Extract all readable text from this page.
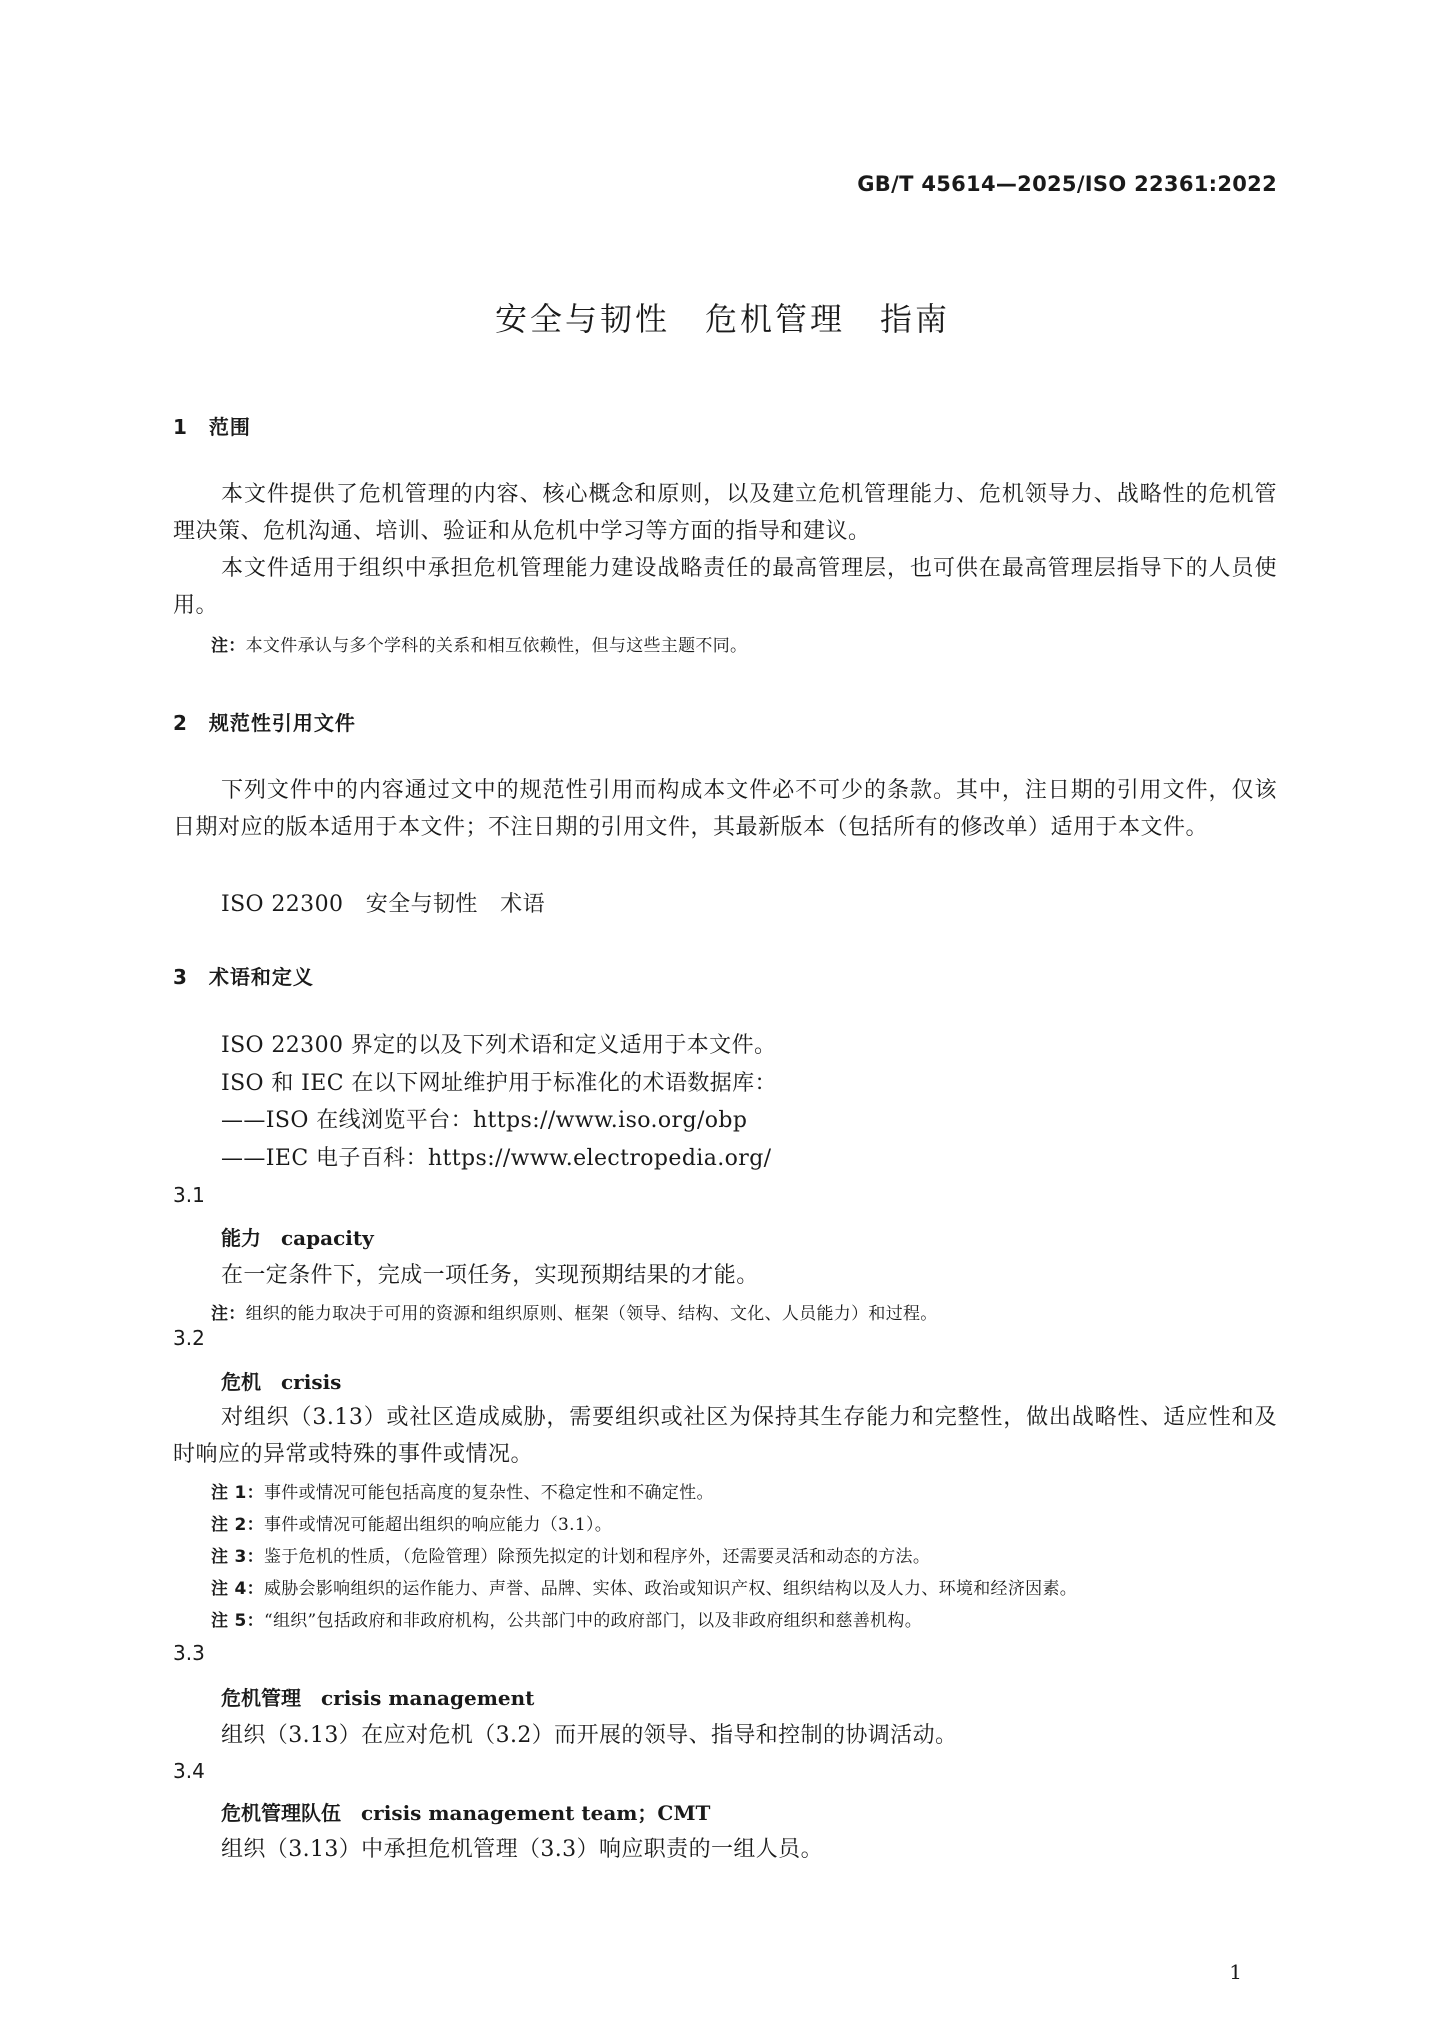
GB/T 45614—2025/ISO 22361:2022
安全与韧性　危机管理　指南
1　范围
本文件提供了危机管理的内容、核心概念和原则，以及建立危机管理能力、危机领导力、战略性的危机管理决策、危机沟通、培训、验证和从危机中学习等方面的指导和建议。
本文件适用于组织中承担危机管理能力建设战略责任的最高管理层，也可供在最高管理层指导下的人员使用。
注：本文件承认与多个学科的关系和相互依赖性，但与这些主题不同。
2　规范性引用文件
下列文件中的内容通过文中的规范性引用而构成本文件必不可少的条款。其中，注日期的引用文件，仅该日期对应的版本适用于本文件；不注日期的引用文件，其最新版本（包括所有的修改单）适用于本文件。
ISO 22300　安全与韧性　术语
3　术语和定义
ISO 22300 界定的以及下列术语和定义适用于本文件。
ISO 和 IEC 在以下网址维护用于标准化的术语数据库：
——ISO 在线浏览平台：https://www.iso.org/obp
——IEC 电子百科：https://www.electropedia.org/
3.1
能力　 capacity
在一定条件下，完成一项任务，实现预期结果的才能。
注：组织的能力取决于可用的资源和组织原则、框架（领导、结构、文化、人员能力）和过程。
3.2
危机　 crisis
对组织（3.13）或社区造成威胁，需要组织或社区为保持其生存能力和完整性，做出战略性、适应性和及时响应的异常或特殊的事件或情况。
注 1：事件或情况可能包括高度的复杂性、不稳定性和不确定性。
注 2：事件或情况可能超出组织的响应能力（3.1）。
注 3：鉴于危机的性质，（危险管理）除预先拟定的计划和程序外，还需要灵活和动态的方法。
注 4：威胁会影响组织的运作能力、声誉、品牌、实体、政治或知识产权、组织结构以及人力、环境和经济因素。
注 5：“组织”包括政府和非政府机构，公共部门中的政府部门，以及非政府组织和慈善机构。
3.3
危机管理　 crisis management
组织（3.13）在应对危机（3.2）而开展的领导、指导和控制的协调活动。
3.4
危机管理队伍　 crisis management team；CMT
组织（3.13）中承担危机管理（3.3）响应职责的一组人员。
1
